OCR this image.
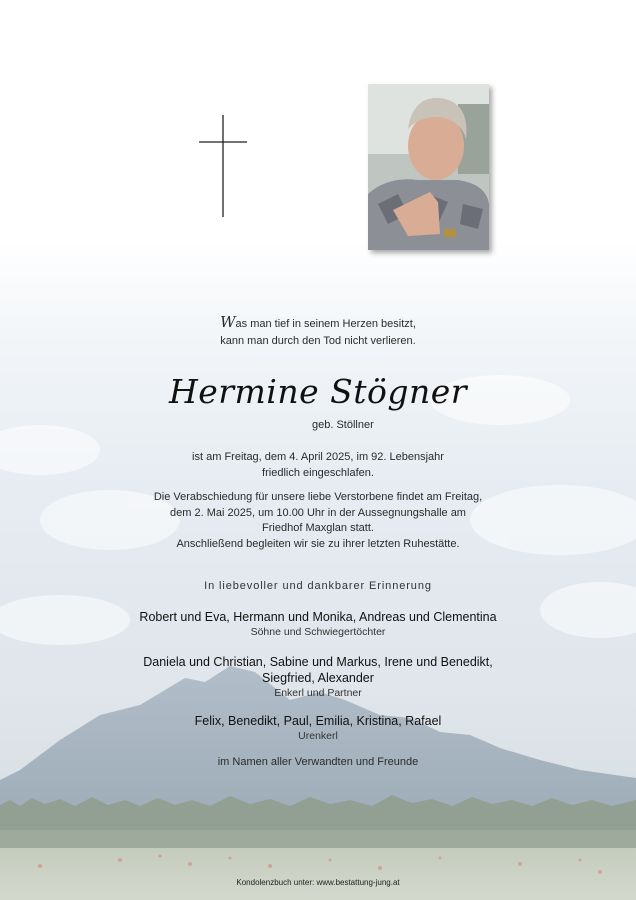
Was man tief in seinem Herzen besitzt,
kann man durch den Tod nicht verlieren.
Hermine Stögner
geb. Stöllner
ist am Freitag, dem 4. April 2025, im 92. Lebensjahr
friedlich eingeschlafen.
Die Verabschiedung für unsere liebe Verstorbene findet am Freitag,
dem 2. Mai 2025, um 10.00 Uhr in der Aussegnungshalle am
Friedhof Maxglan statt.
Anschließend begleiten wir sie zu ihrer letzten Ruhestätte.
In liebevoller und dankbarer Erinnerung
Robert und Eva, Hermann und Monika, Andreas und Clementina
Söhne und Schwiegertöchter
Daniela und Christian, Sabine und Markus, Irene und Benedikt,
Siegfried, Alexander
Enkerl und Partner
Felix, Benedikt, Paul, Emilia, Kristina, Rafael
Urenkerl
im Namen aller Verwandten und Freunde
Kondolenzbuch unter: www.bestattung-jung.at
